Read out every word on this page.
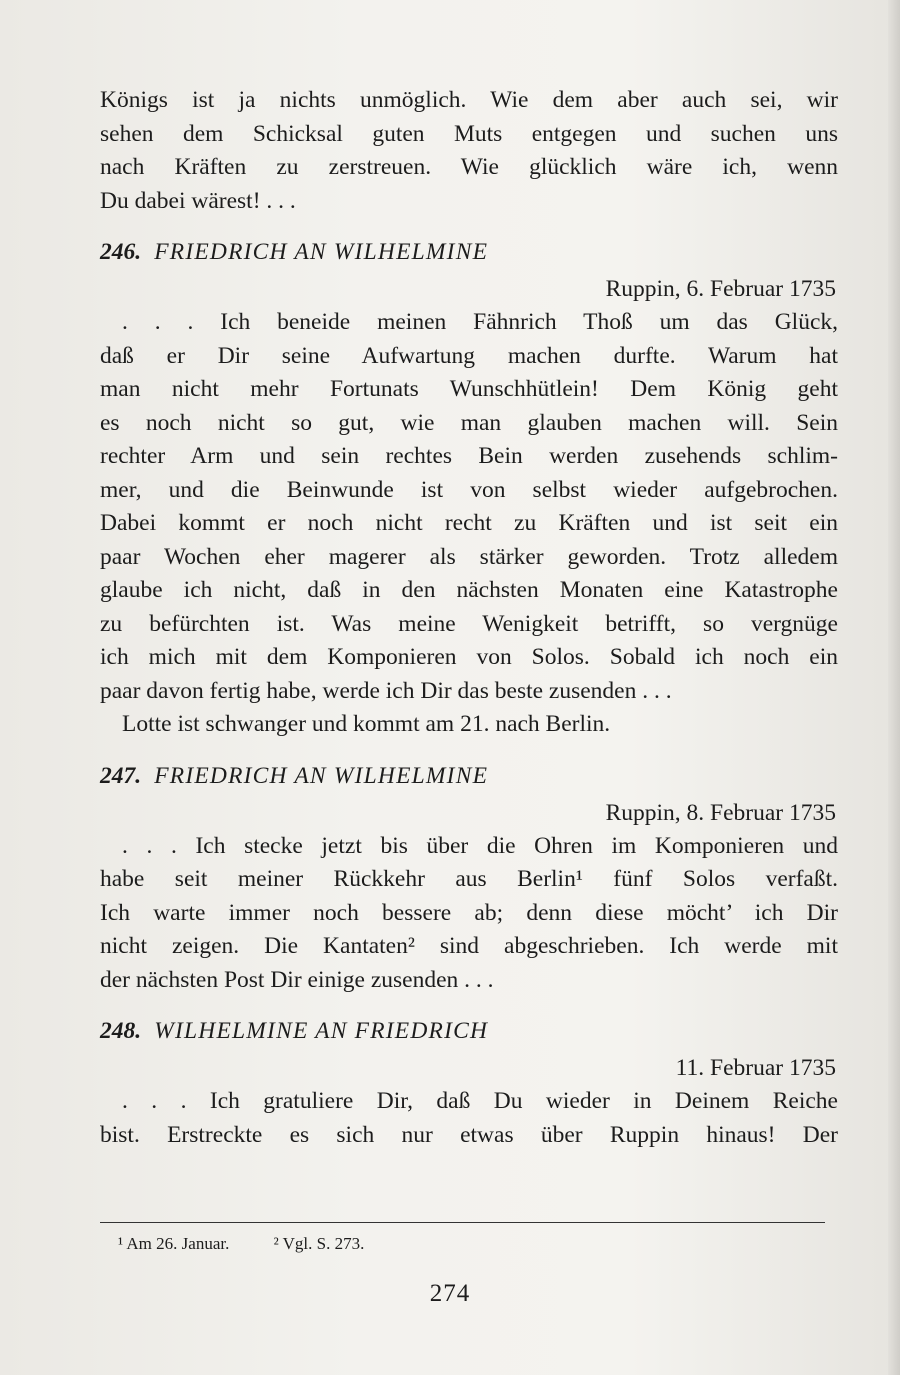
Königs ist ja nichts unmöglich. Wie dem aber auch sei, wir
sehen dem Schicksal guten Muts entgegen und suchen uns
nach Kräften zu zerstreuen. Wie glücklich wäre ich, wenn
Du dabei wärest! . . .
246. FRIEDRICH AN WILHELMINE
Ruppin, 6. Februar 1735
. . . Ich beneide meinen Fähnrich Thoß um das Glück,
daß er Dir seine Aufwartung machen durfte. Warum hat
man nicht mehr Fortunats Wunschhütlein! Dem König geht
es noch nicht so gut, wie man glauben machen will. Sein
rechter Arm und sein rechtes Bein werden zusehends schlim-
mer, und die Beinwunde ist von selbst wieder aufgebrochen.
Dabei kommt er noch nicht recht zu Kräften und ist seit ein
paar Wochen eher magerer als stärker geworden. Trotz alledem
glaube ich nicht, daß in den nächsten Monaten eine Katastrophe
zu befürchten ist. Was meine Wenigkeit betrifft, so vergnüge
ich mich mit dem Komponieren von Solos. Sobald ich noch ein
paar davon fertig habe, werde ich Dir das beste zusenden . . .
Lotte ist schwanger und kommt am 21. nach Berlin.
247. FRIEDRICH AN WILHELMINE
Ruppin, 8. Februar 1735
. . . Ich stecke jetzt bis über die Ohren im Komponieren und
habe seit meiner Rückkehr aus Berlin¹ fünf Solos verfaßt.
Ich warte immer noch bessere ab; denn diese möcht’ ich Dir
nicht zeigen. Die Kantaten² sind abgeschrieben. Ich werde mit
der nächsten Post Dir einige zusenden . . .
248. WILHELMINE AN FRIEDRICH
11. Februar 1735
. . . Ich gratuliere Dir, daß Du wieder in Deinem Reiche
bist. Erstreckte es sich nur etwas über Ruppin hinaus! Der
¹ Am 26. Januar.	² Vgl. S. 273.
274
